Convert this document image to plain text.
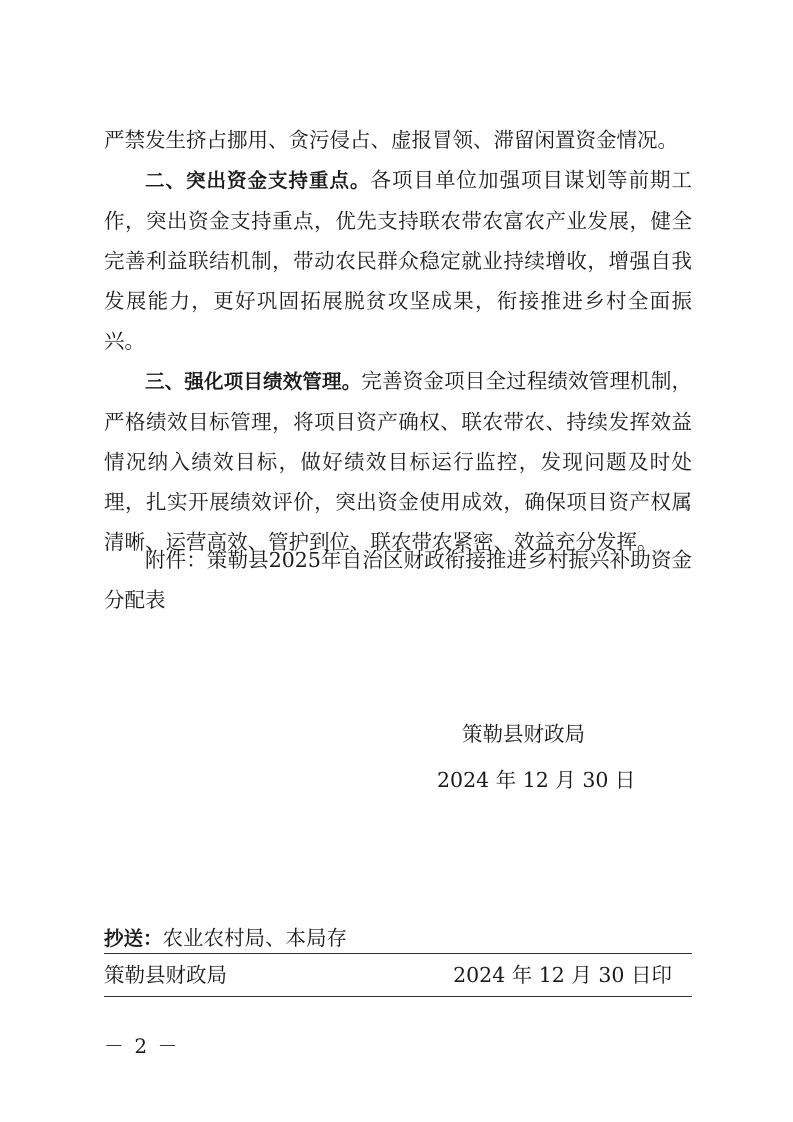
严禁发生挤占挪用、贪污侵占、虚报冒领、滞留闲置资金情况。

二、突出资金支持重点。各项目单位加强项目谋划等前期工作，突出资金支持重点，优先支持联农带农富农产业发展，健全完善利益联结机制，带动农民群众稳定就业持续增收，增强自我发展能力，更好巩固拓展脱贫攻坚成果，衔接推进乡村全面振兴。

三、强化项目绩效管理。完善资金项目全过程绩效管理机制，严格绩效目标管理，将项目资产确权、联农带农、持续发挥效益情况纳入绩效目标，做好绩效目标运行监控，发现问题及时处理，扎实开展绩效评价，突出资金使用成效，确保项目资产权属清晰、运营高效、管护到位、联农带农紧密、效益充分发挥。

附件：策勒县2025年自治区财政衔接推进乡村振兴补助资金分配表
策勒县财政局
2024 年 12 月 30 日
抄送：农业农村局、本局存
策勒县财政局	2024 年 12 月 30 日印
－ 2 －
